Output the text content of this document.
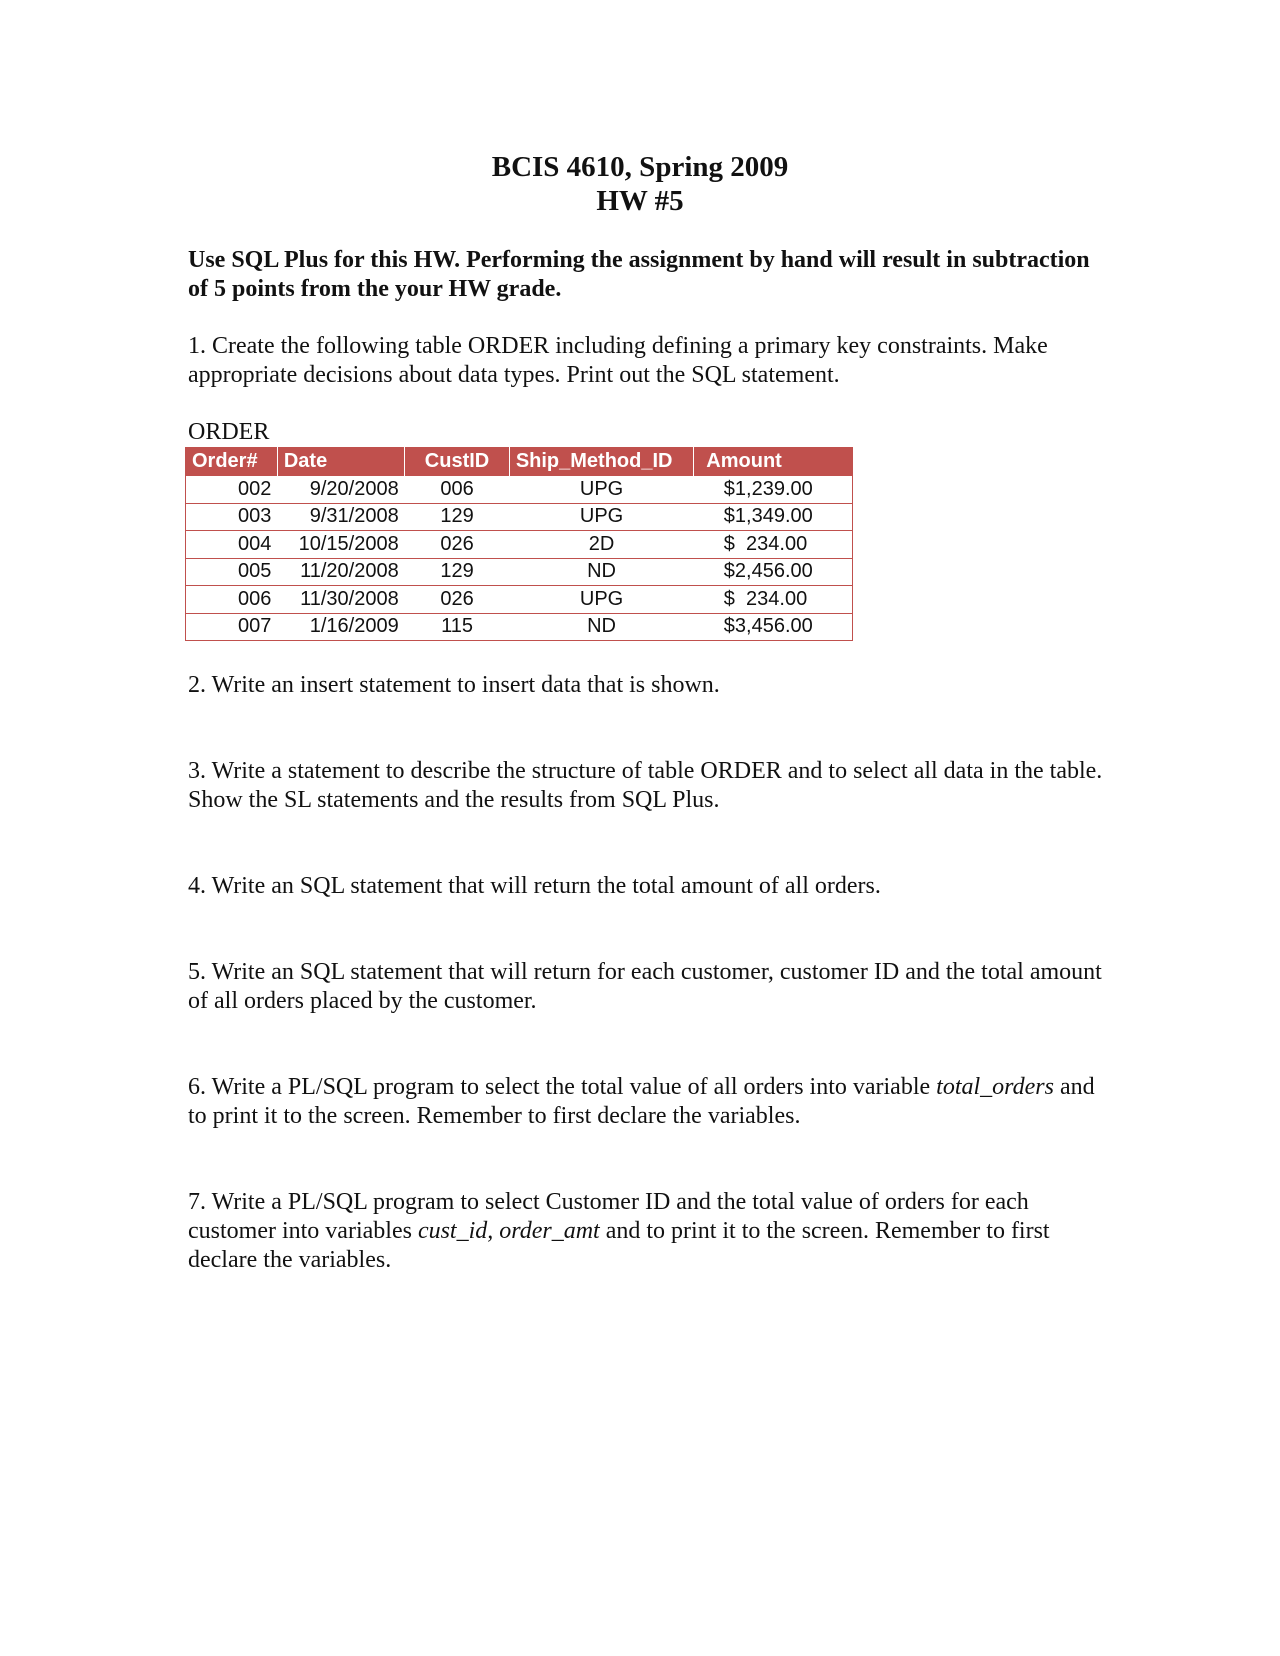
BCIS 4610, Spring 2009
HW #5

Use SQL Plus for this HW. Performing the assignment by hand will result in subtraction of 5 points from the your HW grade.

1. Create the following table ORDER including defining a primary key constraints. Make appropriate decisions about data types. Print out the SQL statement.

ORDER

Order#	Date	CustID	Ship_Method_ID	Amount
002	9/20/2008	006	UPG	$1,239.00
003	9/31/2008	129	UPG	$1,349.00
004	10/15/2008	026	2D	$  234.00
005	11/20/2008	129	ND	$2,456.00
006	11/30/2008	026	UPG	$  234.00
007	1/16/2009	115	ND	$3,456.00

2. Write an insert statement to insert data that is shown.

3. Write a statement to describe the structure of table ORDER and to select all data in the table. Show the SL statements and the results from SQL Plus.

4. Write an SQL statement that will return the total amount of all orders.

5. Write an SQL statement that will return for each customer, customer ID and the total amount of all orders placed by the customer.

6. Write a PL/SQL program to select the total value of all orders into variable total_orders and to print it to the screen. Remember to first declare the variables.

7. Write a PL/SQL program to select Customer ID and the total value of orders for each customer into variables cust_id, order_amt and to print it to the screen. Remember to first declare the variables.
